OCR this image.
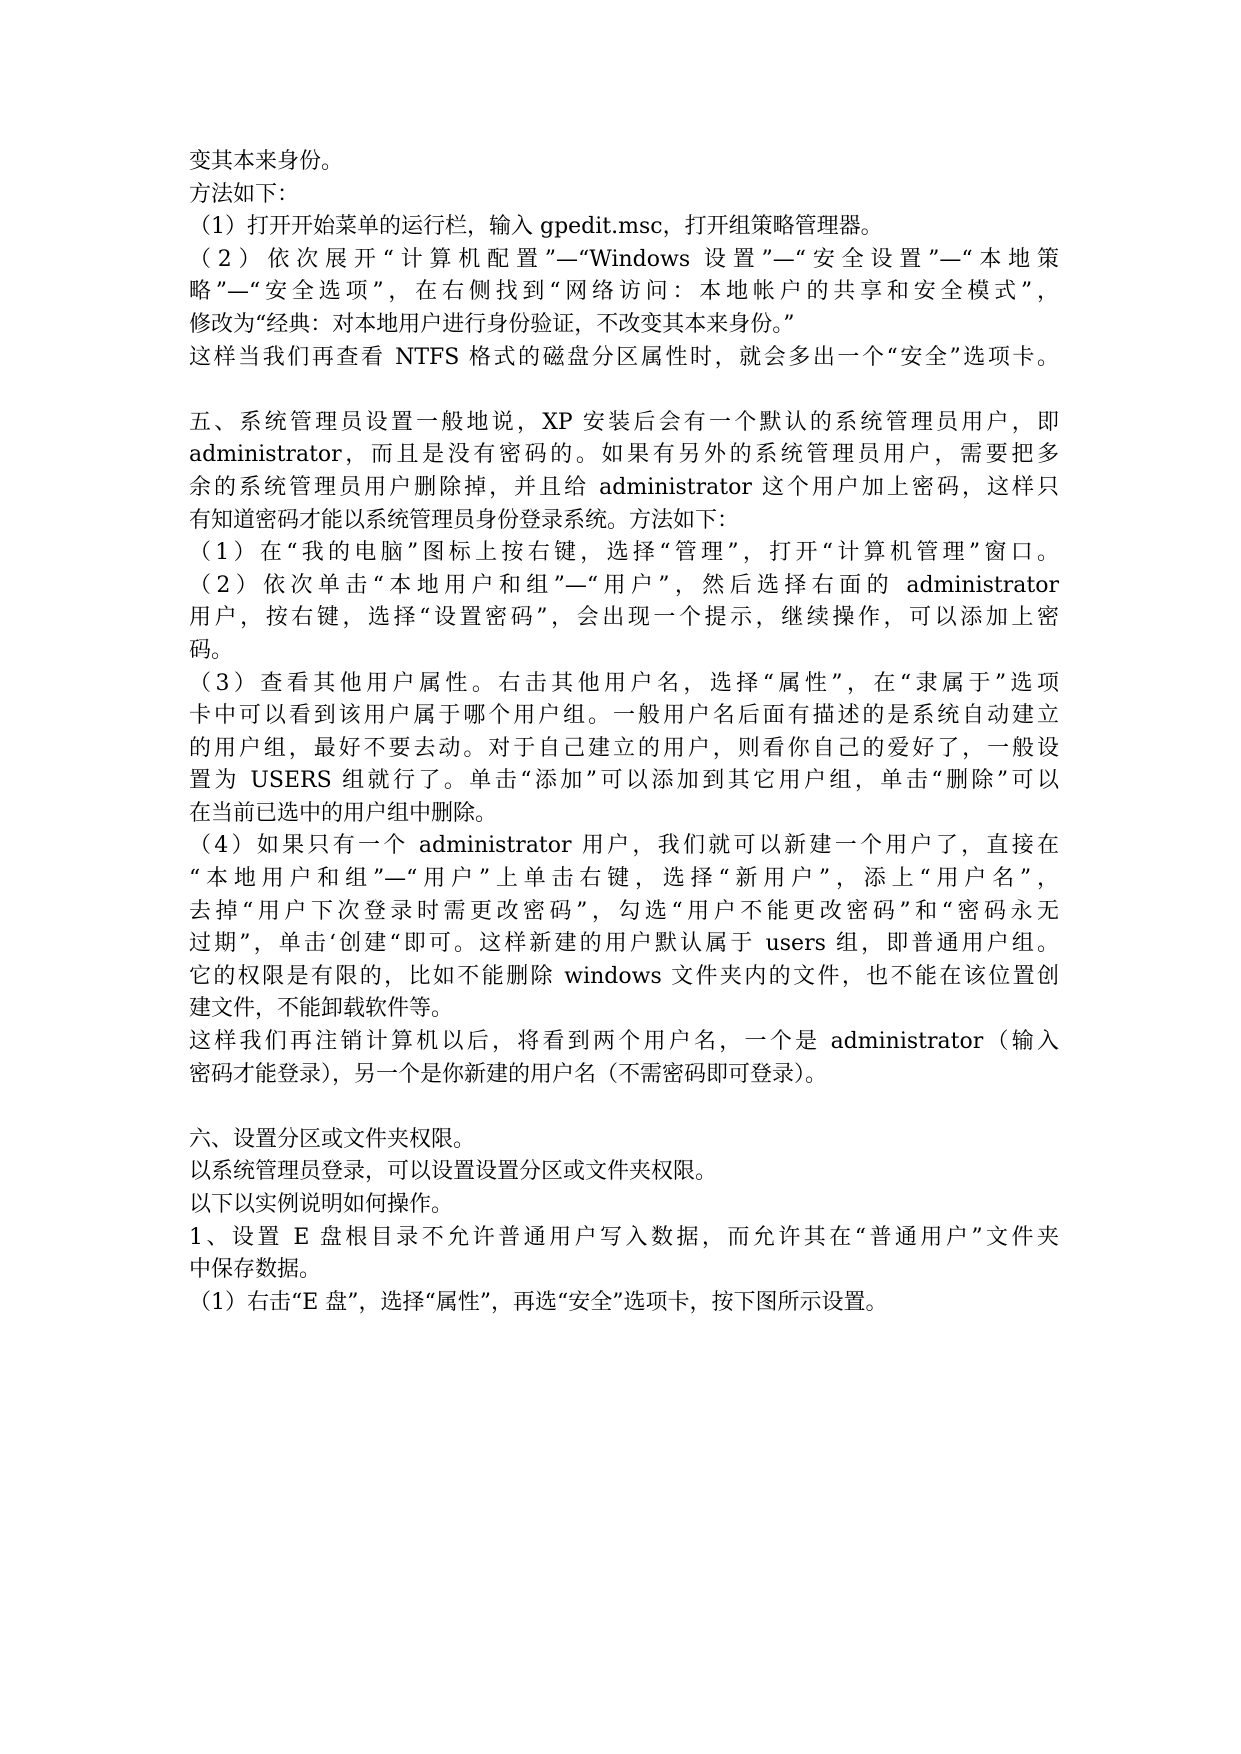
变其本来身份。
方法如下：
（1）打开开始菜单的运行栏，输入 gpedit.msc，打开组策略管理器。
（2）依次展开“计算机配置”—“Windows 设置”—“安全设置”—“本地策
略”—“安全选项”，在右侧找到“网络访问：本地帐户的共享和安全模式”，
修改为“经典：对本地用户进行身份验证，不改变其本来身份。”
这样当我们再查看 NTFS 格式的磁盘分区属性时，就会多出一个“安全”选项卡。
五、系统管理员设置一般地说，XP 安装后会有一个默认的系统管理员用户，即
administrator，而且是没有密码的。如果有另外的系统管理员用户，需要把多
余的系统管理员用户删除掉，并且给 administrator 这个用户加上密码，这样只
有知道密码才能以系统管理员身份登录系统。方法如下：
（1）在“我的电脑”图标上按右键，选择“管理”，打开“计算机管理”窗口。
（2）依次单击“本地用户和组”—“用户”，然后选择右面的 administrator
用户，按右键，选择“设置密码”，会出现一个提示，继续操作，可以添加上密
码。
（3）查看其他用户属性。右击其他用户名，选择“属性”，在“隶属于”选项
卡中可以看到该用户属于哪个用户组。一般用户名后面有描述的是系统自动建立
的用户组，最好不要去动。对于自己建立的用户，则看你自己的爱好了，一般设
置为 USERS 组就行了。单击“添加”可以添加到其它用户组，单击“删除”可以
在当前已选中的用户组中删除。
（4）如果只有一个 administrator 用户，我们就可以新建一个用户了，直接在
“本地用户和组”—“用户”上单击右键，选择“新用户”，添上“用户名”，
去掉“用户下次登录时需更改密码”，勾选“用户不能更改密码”和“密码永无
过期”，单击‘创建“即可。这样新建的用户默认属于 users 组，即普通用户组。
它的权限是有限的，比如不能删除 windows 文件夹内的文件，也不能在该位置创
建文件，不能卸载软件等。
这样我们再注销计算机以后，将看到两个用户名，一个是 administrator（输入
密码才能登录），另一个是你新建的用户名（不需密码即可登录）。
六、设置分区或文件夹权限。
以系统管理员登录，可以设置设置分区或文件夹权限。
以下以实例说明如何操作。
1、设置 E 盘根目录不允许普通用户写入数据，而允许其在“普通用户”文件夹
中保存数据。
（1）右击“E 盘”，选择“属性”，再选“安全”选项卡，按下图所示设置。
